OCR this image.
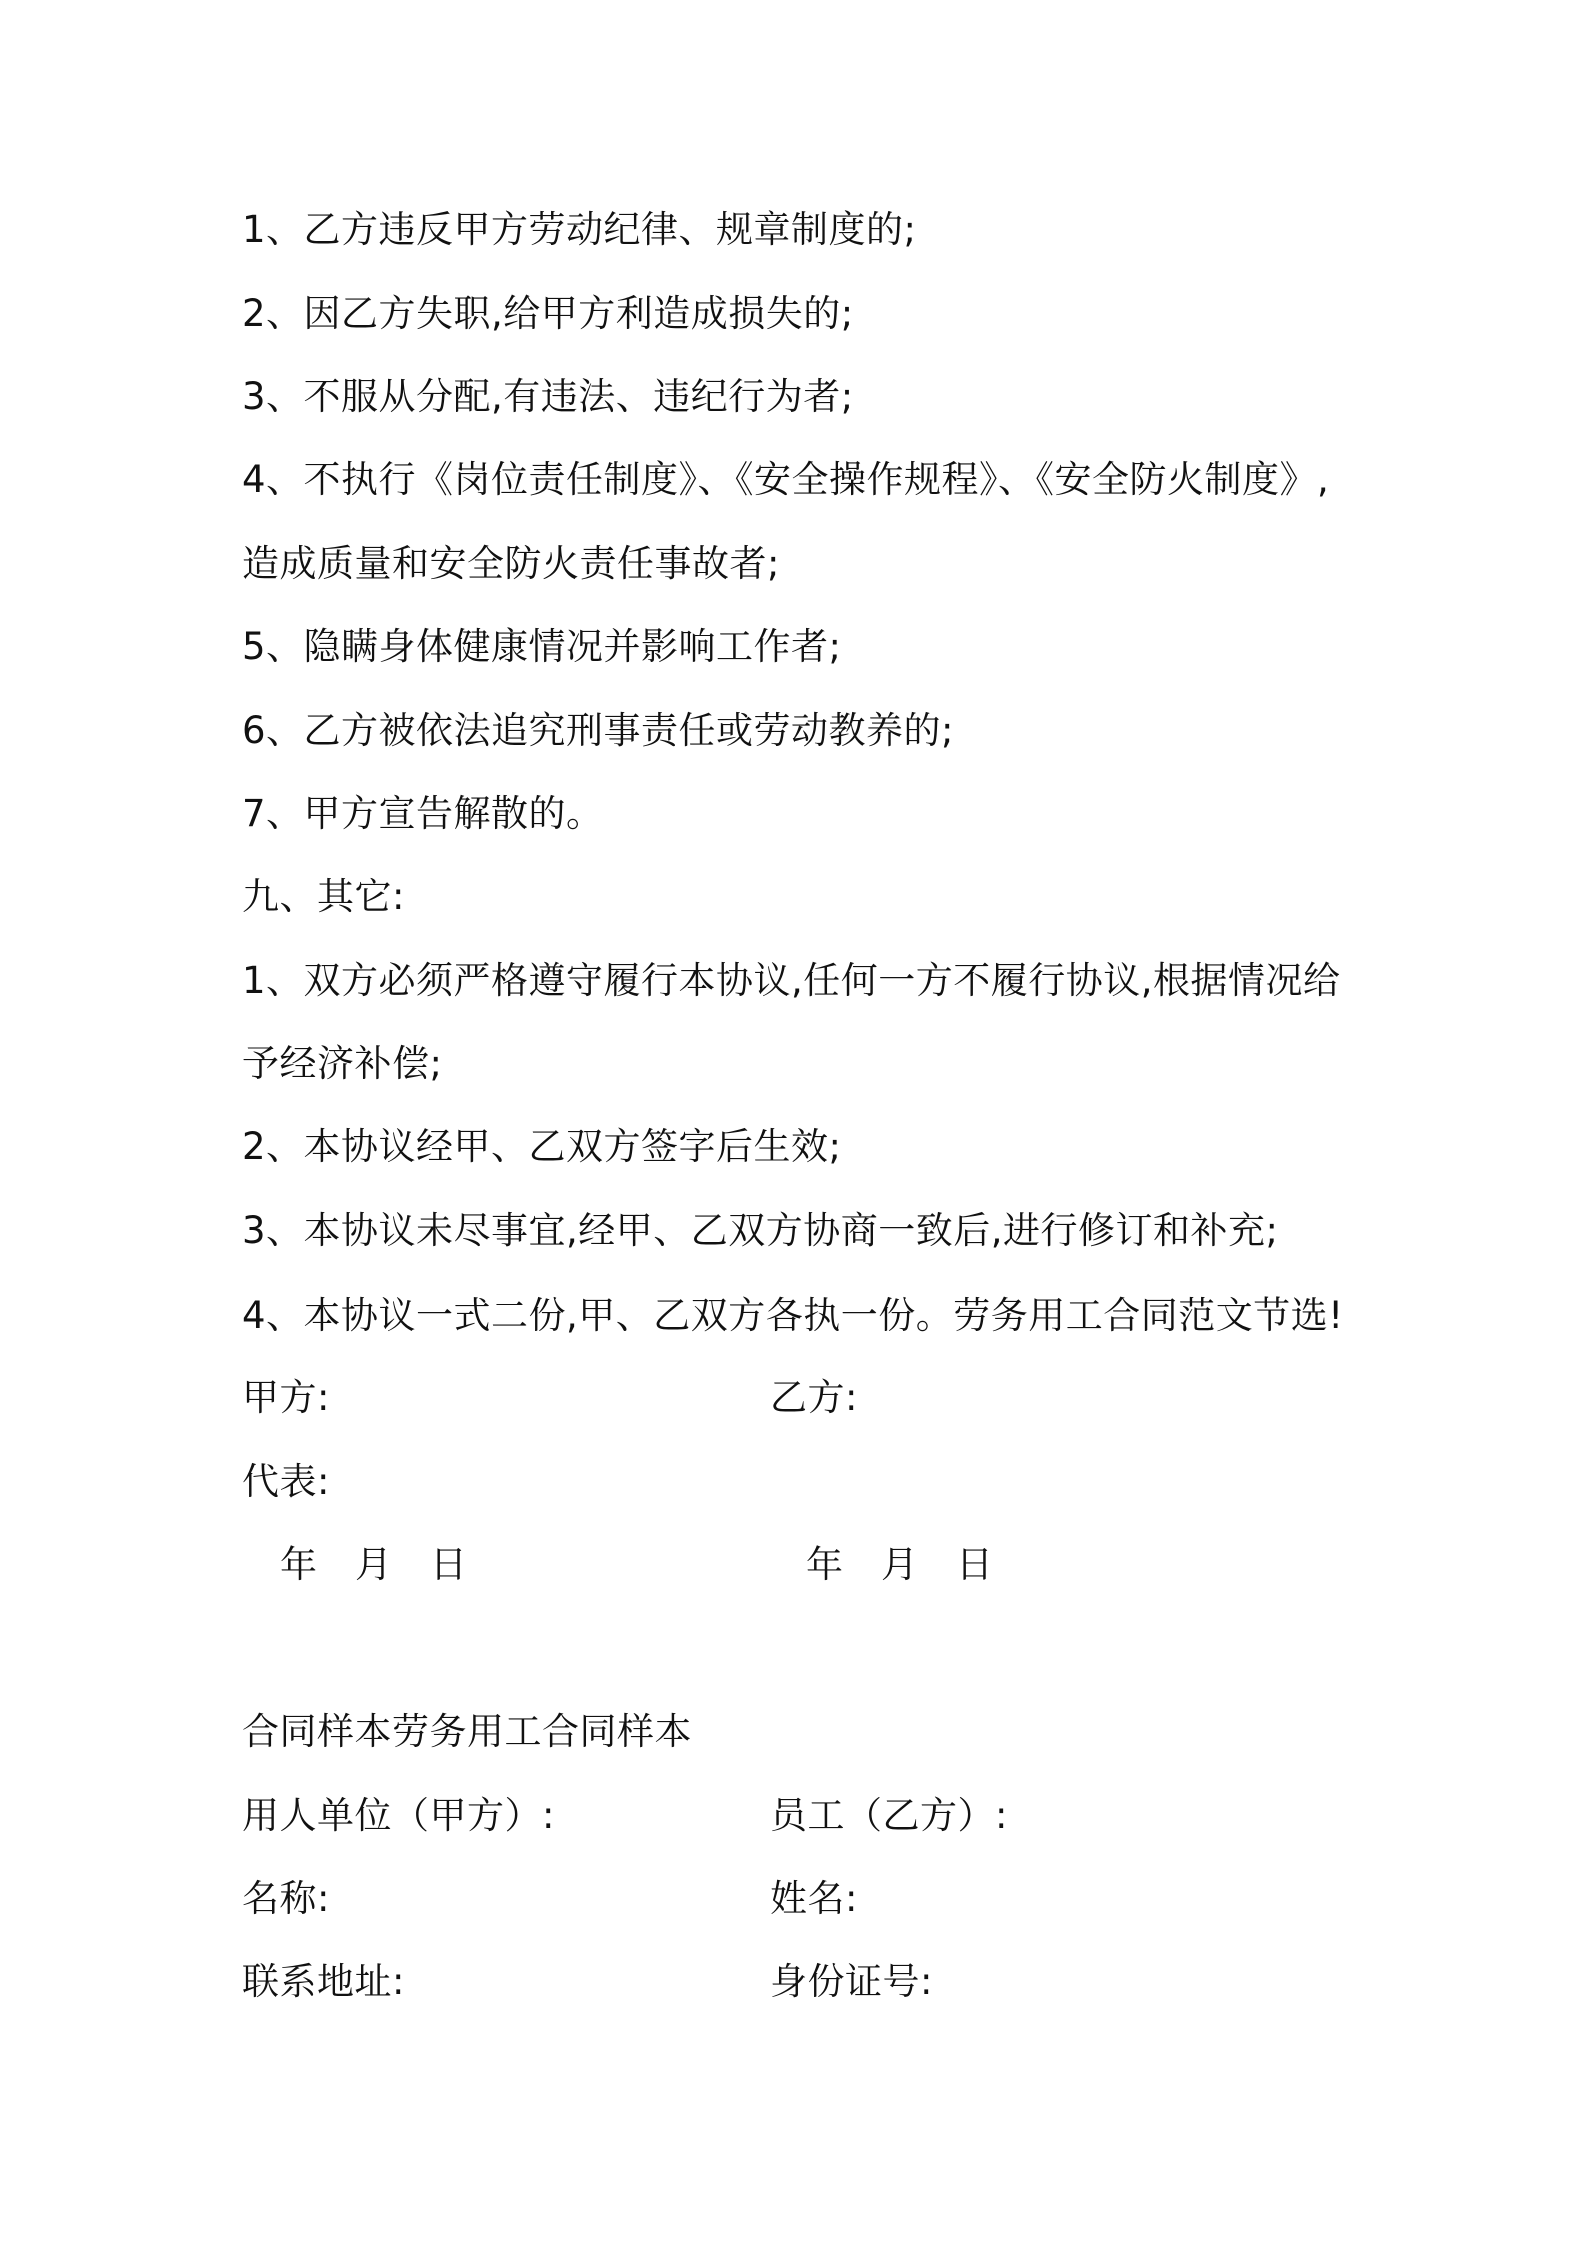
1、乙方违反甲方劳动纪律、规章制度的;
2、因乙方失职,给甲方利造成损失的;
3、不服从分配,有违法、违纪行为者;
4、不执行《岗位责任制度》、《安全操作规程》、《安全防火制度》,
造成质量和安全防火责任事故者;
5、隐瞒身体健康情况并影响工作者;
6、乙方被依法追究刑事责任或劳动教养的;
7、甲方宣告解散的。
九、其它:
1、双方必须严格遵守履行本协议,任何一方不履行协议,根据情况给
予经济补偿;
2、本协议经甲、乙双方签字后生效;
3、本协议未尽事宜,经甲、乙双方协商一致后,进行修订和补充;
4、本协议一式二份,甲、乙双方各执一份。劳务用工合同范文节选!
甲方:	乙方:
代表:
年 月 日	年 月 日
合同样本劳务用工合同样本
用人单位（甲方）:	员工（乙方）:
名称:	姓名:
联系地址:	身份证号:
